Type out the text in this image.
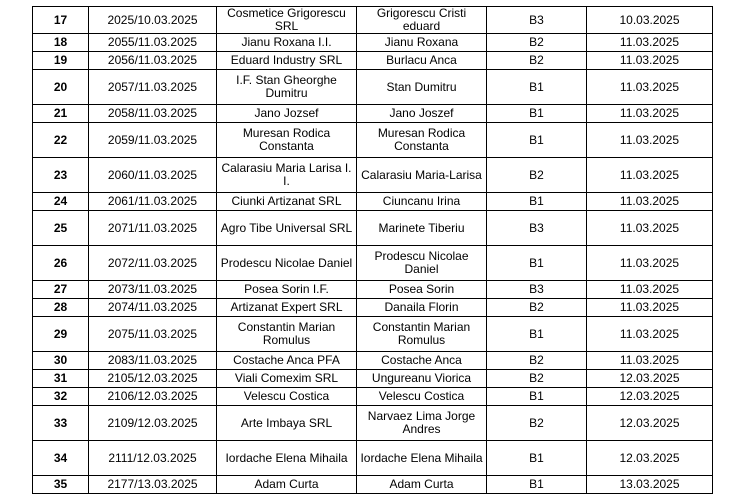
17	2025/10.03.2025	Cosmetice Grigorescu SRL	Grigorescu Cristi eduard	B3	10.03.2025
18	2055/11.03.2025	Jianu Roxana I.I.	Jianu Roxana	B2	11.03.2025
19	2056/11.03.2025	Eduard Industry SRL	Burlacu Anca	B2	11.03.2025
20	2057/11.03.2025	I.F. Stan Gheorghe Dumitru	Stan Dumitru	B1	11.03.2025
21	2058/11.03.2025	Jano Jozsef	Jano Joszef	B1	11.03.2025
22	2059/11.03.2025	Muresan Rodica Constanta	Muresan Rodica Constanta	B1	11.03.2025
23	2060/11.03.2025	Calarasiu Maria Larisa I. I.	Calarasiu Maria-Larisa	B2	11.03.2025
24	2061/11.03.2025	Ciunki Artizanat SRL	Ciuncanu Irina	B1	11.03.2025
25	2071/11.03.2025	Agro Tibe Universal SRL	Marinete Tiberiu	B3	11.03.2025
26	2072/11.03.2025	Prodescu Nicolae Daniel	Prodescu Nicolae Daniel	B1	11.03.2025
27	2073/11.03.2025	Posea Sorin I.F.	Posea Sorin	B3	11.03.2025
28	2074/11.03.2025	Artizanat Expert SRL	Danaila Florin	B2	11.03.2025
29	2075/11.03.2025	Constantin Marian Romulus	Constantin Marian Romulus	B1	11.03.2025
30	2083/11.03.2025	Costache Anca PFA	Costache Anca	B2	11.03.2025
31	2105/12.03.2025	Viali Comexim SRL	Ungureanu Viorica	B2	12.03.2025
32	2106/12.03.2025	Velescu Costica	Velescu Costica	B1	12.03.2025
33	2109/12.03.2025	Arte Imbaya SRL	Narvaez Lima Jorge Andres	B2	12.03.2025
34	2111/12.03.2025	Iordache Elena Mihaila	Iordache Elena Mihaila	B1	12.03.2025
35	2177/13.03.2025	Adam Curta	Adam Curta	B1	13.03.2025
